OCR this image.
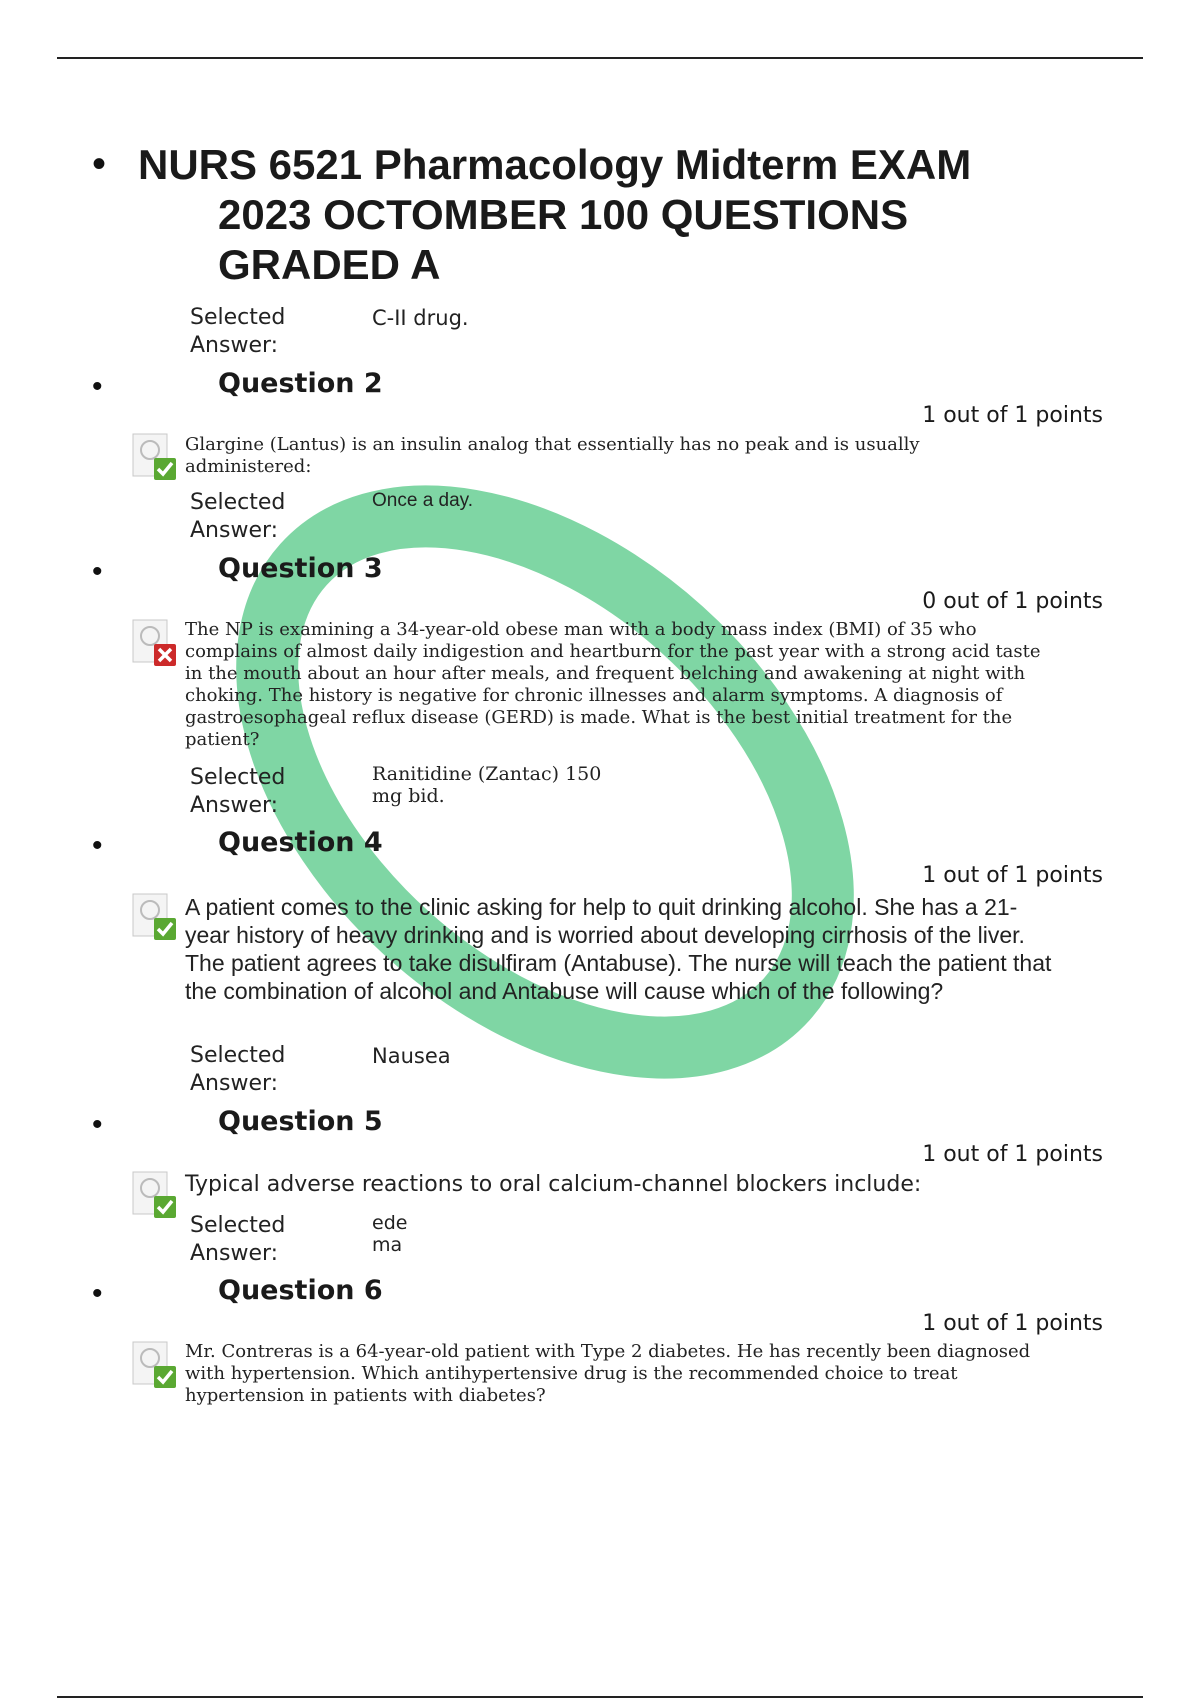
• NURS 6521 Pharmacology Midterm EXAM
2023 OCTOMBER 100 QUESTIONS
GRADED A
Selected
Answer:
C-II drug.
•	Question 2
1 out of 1 points
Glargine (Lantus) is an insulin analog that essentially has no peak and is usually administered:
Selected
Answer:
Once a day.
•	Question 3
0 out of 1 points
The NP is examining a 34-year-old obese man with a body mass index (BMI) of 35 who complains of almost daily indigestion and heartburn for the past year with a strong acid taste in the mouth about an hour after meals, and frequent belching and awakening at night with choking. The history is negative for chronic illnesses and alarm symptoms. A diagnosis of gastroesophageal reflux disease (GERD) is made. What is the best initial treatment for the patient?
Selected
Answer:
Ranitidine (Zantac) 150
mg bid.
•	Question 4
1 out of 1 points
A patient comes to the clinic asking for help to quit drinking alcohol. She has a 21-year history of heavy drinking and is worried about developing cirrhosis of the liver. The patient agrees to take disulfiram (Antabuse). The nurse will teach the patient that the combination of alcohol and Antabuse will cause which of the following?
Selected
Answer:
Nausea
•	Question 5
1 out of 1 points
Typical adverse reactions to oral calcium-channel blockers include:
Selected
Answer:
ede
ma
•	Question 6
1 out of 1 points
Mr. Contreras is a 64-year-old patient with Type 2 diabetes. He has recently been diagnosed with hypertension. Which antihypertensive drug is the recommended choice to treat hypertension in patients with diabetes?
